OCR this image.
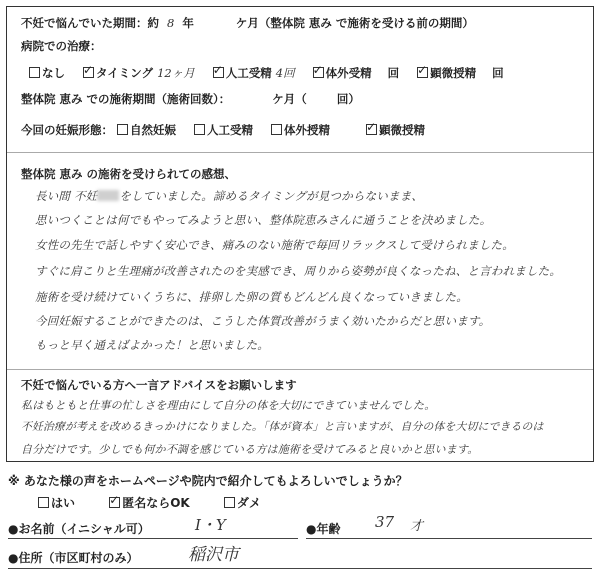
不妊で悩んでいた期間：約 8 年	ケ月（整体院 恵み で施術を受ける前の期間）
病院での治療：
なし ✓	タイミング 12ヶ月 ✓	人工受精 4回 ✓	体外受精 回 ✓	顕微授精 回
整体院 恵み での施術期間（施術回数）：	ケ月（	回）
今回の妊娠形態： 自然妊娠	人工受精	体外授精 ✓	顕微授精
整体院 恵み の施術を受けられての感想、
長い間 不妊 をしていました。諦めるタイミングが見つからないまま、
思いつくことは何でもやってみようと思い、整体院恵みさんに通うことを決めました。
女性の先生で話しやすく安心でき、痛みのない施術で毎回リラックスして受けられました。
すぐに肩こりと生理痛が改善されたのを実感でき、周りから姿勢が良くなったね、と言われました。
施術を受け続けていくうちに、排卵した卵の質もどんどん良くなっていきました。
今回妊娠することができたのは、こうした体質改善がうまく効いたからだと思います。
もっと早く通えばよかった！と思いました。
不妊で悩んでいる方へ一言アドバイスをお願いします
私はもともと仕事の忙しさを理由にして自分の体を大切にできていませんでした。
不妊治療が考えを改めるきっかけになりました。「体が資本」と言いますが、自分の体を大切にできるのは
自分だけです。少しでも何か不調を感じている方は施術を受けてみると良いかと思います。
※ あなた様の声をホームページや院内で紹介してもよろしいでしょうか？
はい ✓	匿名ならOK	ダメ
●お名前（イニシャル可）	I・Y	●年齢 37 才
●住所（市区町村のみ）	稲沢市
